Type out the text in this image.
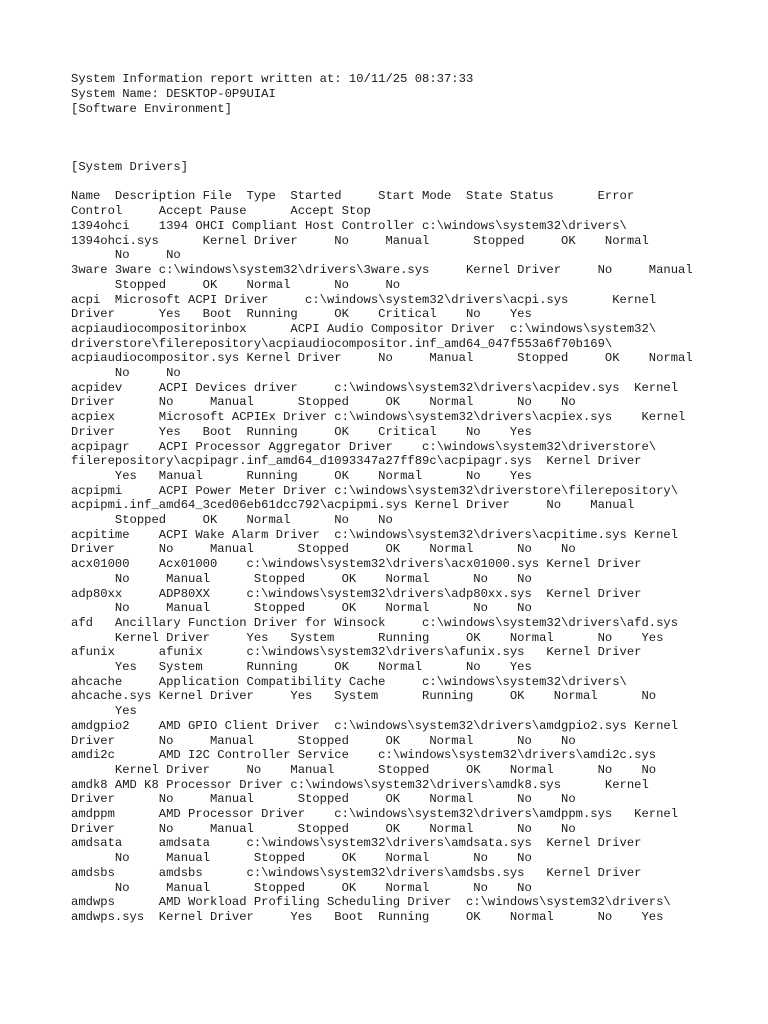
System Information report written at: 10/11/25 08:37:33
System Name: DESKTOP-0P9UIAI
[Software Environment]
[System Drivers]
Name  Description File  Type  Started     Start Mode  State Status      Error
Control     Accept Pause      Accept Stop
1394ohci    1394 OHCI Compliant Host Controller c:\windows\system32\drivers\
1394ohci.sys      Kernel Driver     No     Manual      Stopped     OK    Normal
No     No
3ware 3ware c:\windows\system32\drivers\3ware.sys     Kernel Driver     No     Manual
Stopped     OK    Normal      No     No
acpi  Microsoft ACPI Driver     c:\windows\system32\drivers\acpi.sys      Kernel
Driver      Yes   Boot  Running     OK    Critical    No    Yes
acpiaudiocompositorinbox      ACPI Audio Compositor Driver  c:\windows\system32\
driverstore\filerepository\acpiaudiocompositor.inf_amd64_047f553a6f70b169\
acpiaudiocompositor.sys Kernel Driver     No     Manual      Stopped     OK    Normal
No     No
acpidev     ACPI Devices driver     c:\windows\system32\drivers\acpidev.sys  Kernel
Driver      No     Manual      Stopped     OK    Normal      No    No
acpiex      Microsoft ACPIEx Driver c:\windows\system32\drivers\acpiex.sys    Kernel
Driver      Yes   Boot  Running     OK    Critical    No    Yes
acpipagr    ACPI Processor Aggregator Driver    c:\windows\system32\driverstore\
filerepository\acpipagr.inf_amd64_d1093347a27ff89c\acpipagr.sys  Kernel Driver
Yes   Manual      Running     OK    Normal      No    Yes
acpipmi     ACPI Power Meter Driver c:\windows\system32\driverstore\filerepository\
acpipmi.inf_amd64_3ced06eb61dcc792\acpipmi.sys Kernel Driver     No    Manual
Stopped     OK    Normal      No    No
acpitime    ACPI Wake Alarm Driver  c:\windows\system32\drivers\acpitime.sys Kernel
Driver      No     Manual      Stopped     OK    Normal      No    No
acx01000    Acx01000    c:\windows\system32\drivers\acx01000.sys Kernel Driver
No     Manual      Stopped     OK    Normal      No    No
adp80xx     ADP80XX     c:\windows\system32\drivers\adp80xx.sys  Kernel Driver
No     Manual      Stopped     OK    Normal      No    No
afd   Ancillary Function Driver for Winsock     c:\windows\system32\drivers\afd.sys
Kernel Driver     Yes   System      Running     OK    Normal      No    Yes
afunix      afunix      c:\windows\system32\drivers\afunix.sys   Kernel Driver
Yes   System      Running     OK    Normal      No    Yes
ahcache     Application Compatibility Cache     c:\windows\system32\drivers\
ahcache.sys Kernel Driver     Yes   System      Running     OK    Normal      No
Yes
amdgpio2    AMD GPIO Client Driver  c:\windows\system32\drivers\amdgpio2.sys Kernel
Driver      No     Manual      Stopped     OK    Normal      No    No
amdi2c      AMD I2C Controller Service    c:\windows\system32\drivers\amdi2c.sys
Kernel Driver     No    Manual      Stopped     OK    Normal      No    No
amdk8 AMD K8 Processor Driver c:\windows\system32\drivers\amdk8.sys      Kernel
Driver      No     Manual      Stopped     OK    Normal      No    No
amdppm      AMD Processor Driver    c:\windows\system32\drivers\amdppm.sys   Kernel
Driver      No     Manual      Stopped     OK    Normal      No    No
amdsata     amdsata     c:\windows\system32\drivers\amdsata.sys  Kernel Driver
No     Manual      Stopped     OK    Normal      No    No
amdsbs      amdsbs      c:\windows\system32\drivers\amdsbs.sys   Kernel Driver
No     Manual      Stopped     OK    Normal      No    No
amdwps      AMD Workload Profiling Scheduling Driver  c:\windows\system32\drivers\
amdwps.sys  Kernel Driver     Yes   Boot  Running     OK    Normal      No    Yes
